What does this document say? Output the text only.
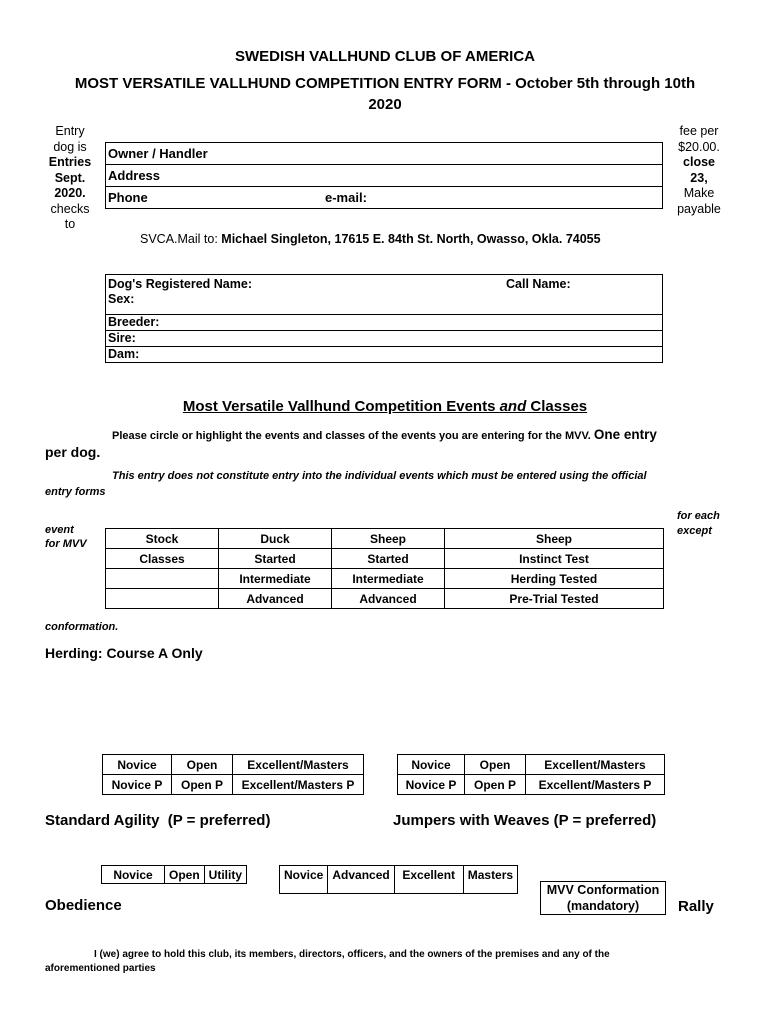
SWEDISH VALLHUND CLUB OF AMERICA
MOST VERSATILE VALLHUND COMPETITION ENTRY FORM - October 5th through 10th
2020
Entry
dog is
Entries
Sept.
2020.
checks
to
fee per
$20.00.
close
23,
Make
payable
Owner / Handler
Address
Phone	e-mail:
SVCA.Mail to: Michael Singleton, 17615 E. 84th St. North, Owasso, Okla. 74055
Dog's Registered Name:
Sex:
Call Name:
Breeder:
Sire:
Dam:
Most Versatile Vallhund Competition Events and Classes
Please circle or highlight the events and classes of the events you are entering for the MVV. One entry
per dog.
This entry does not constitute entry into the individual events which must be entered using the official
entry forms
event
for MVV
for each
except
Stock	Duck	Sheep	Sheep
Classes	Started	Started	Instinct Test
	Intermediate	Intermediate	Herding Tested
	Advanced	Advanced	Pre-Trial Tested
conformation.
Herding: Course A Only
Novice	Open	Excellent/Masters
Novice P	Open P	Excellent/Masters P
Novice	Open	Excellent/Masters
Novice P	Open P	Excellent/Masters P
Standard Agility  (P = preferred)	Jumpers with Weaves (P = preferred)
Novice	Open	Utility	Novice	Advanced	Excellent	Masters
MVV Conformation
(mandatory)
Obedience	Rally
I (we) agree to hold this club, its members, directors, officers, and the owners of the premises and any of the
aforementioned parties
